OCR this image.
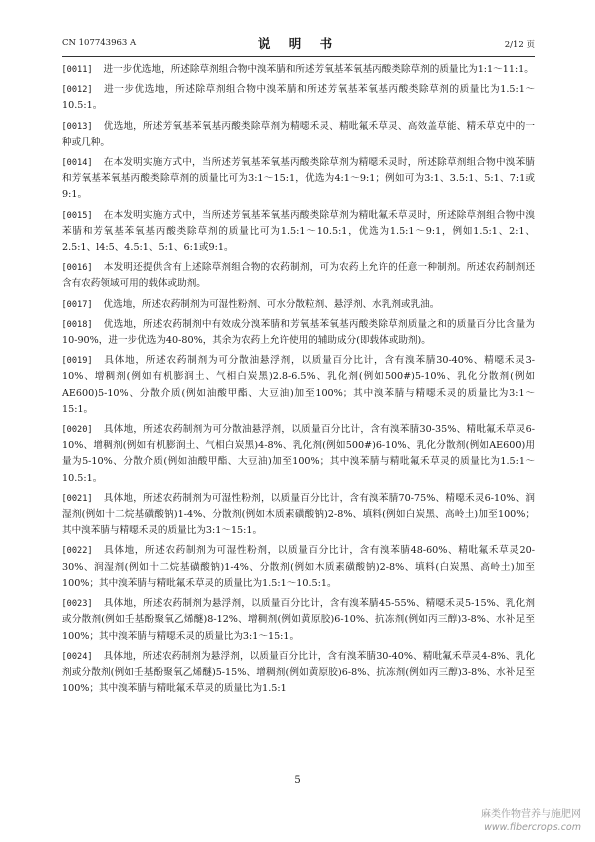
CN 107743963 A	说 明 书	2/12 页

[0011] 进一步优选地，所述除草剂组合物中溴苯腈和所述芳氧基苯氧基丙酸类除草剂的质量比为1:1～11:1。

[0012] 进一步优选地，所述除草剂组合物中溴苯腈和所述芳氧基苯氧基丙酸类除草剂的质量比为1.5:1～10.5:1。

[0013] 优选地，所述芳氧基苯氧基丙酸类除草剂为精噁禾灵、精吡氟禾草灵、高效盖草能、精禾草克中的一种或几种。

[0014] 在本发明实施方式中，当所述芳氧基苯氧基丙酸类除草剂为精噁禾灵时，所述除草剂组合物中溴苯腈和芳氧基苯氧基丙酸类除草剂的质量比可为3:1～15:1，优选为4:1～9:1；例如可为3:1、3.5:1、5:1、7:1或9:1。

[0015] 在本发明实施方式中，当所述芳氧基苯氧基丙酸类除草剂为精吡氟禾草灵时，所述除草剂组合物中溴苯腈和芳氧基苯氧基丙酸类除草剂的质量比可为1.5:1～10.5:1，优选为1.5:1～9:1，例如1.5:1、2:1、2.5:1、l4:5、4.5:1、5:1、6:1或9:1。

[0016] 本发明还提供含有上述除草剂组合物的农药制剂，可为农药上允许的任意一种制剂。所述农药制剂还含有农药领域可用的载体或助剂。

[0017] 优选地，所述农药制剂为可湿性粉剂、可水分散粒剂、悬浮剂、水乳剂或乳油。

[0018] 优选地，所述农药制剂中有效成分溴苯腈和芳氧基苯氧基丙酸类除草剂质量之和的质量百分比含量为10-90%，进一步优选为40-80%，其余为农药上允许使用的辅助成分(即载体或助剂)。

[0019] 具体地，所述农药制剂为可分散油悬浮剂，以质量百分比计，含有溴苯腈30-40%、精噁禾灵3-10%、增稠剂(例如有机膨润土、气相白炭黑)2.8-6.5%、乳化剂(例如500#)5-10%、乳化分散剂(例如AE600)5-10%、分散介质(例如油酸甲酯、大豆油)加至100%；其中溴苯腈与精噁禾灵的质量比为3:1～15:1。

[0020] 具体地，所述农药制剂为可分散油悬浮剂，以质量百分比计，含有溴苯腈30-35%、精吡氟禾草灵6-10%、增稠剂(例如有机膨润土、气相白炭黑)4-8%、乳化剂(例如500#)6-10%、乳化分散剂(例如AE600)用量为5-10%、分散介质(例如油酸甲酯、大豆油)加至100%；其中溴苯腈与精吡氟禾草灵的质量比为1.5:1～10.5:1。

[0021] 具体地，所述农药制剂为可湿性粉剂，以质量百分比计，含有溴苯腈70-75%、精噁禾灵6-10%、润湿剂(例如十二烷基磺酸钠)1-4%、分散剂(例如木质素磺酸钠)2-8%、填料(例如白炭黑、高岭土)加至100%；其中溴苯腈与精噁禾灵的质量比为3:1～15:1。

[0022] 具体地，所述农药制剂为可湿性粉剂，以质量百分比计，含有溴苯腈48-60%、精吡氟禾草灵20-30%、润湿剂(例如十二烷基磺酸钠)1-4%、分散剂(例如木质素磺酸钠)2-8%、填料(白炭黑、高岭土)加至100%；其中溴苯腈与精吡氟禾草灵的质量比为1.5:1～10.5:1。

[0023] 具体地，所述农药制剂为悬浮剂，以质量百分比计，含有溴苯腈45-55%、精噁禾灵5-15%、乳化剂或分散剂(例如壬基酚聚氧乙烯醚)8-12%、增稠剂(例如黄原胶)6-10%、抗冻剂(例如丙三醇)3-8%、水补足至100%；其中溴苯腈与精噁禾灵的质量比为3:1～15:1。

[0024] 具体地，所述农药制剂为悬浮剂，以质量百分比计，含有溴苯腈30-40%、精吡氟禾草灵4-8%、乳化剂或分散剂(例如壬基酚聚氧乙烯醚)5-15%、增稠剂(例如黄原胶)6-8%、抗冻剂(例如丙三醇)3-8%、水补足至100%；其中溴苯腈与精吡氟禾草灵的质量比为1.5:1

5
麻类作物营养与施肥网
www.fibercrops.com
